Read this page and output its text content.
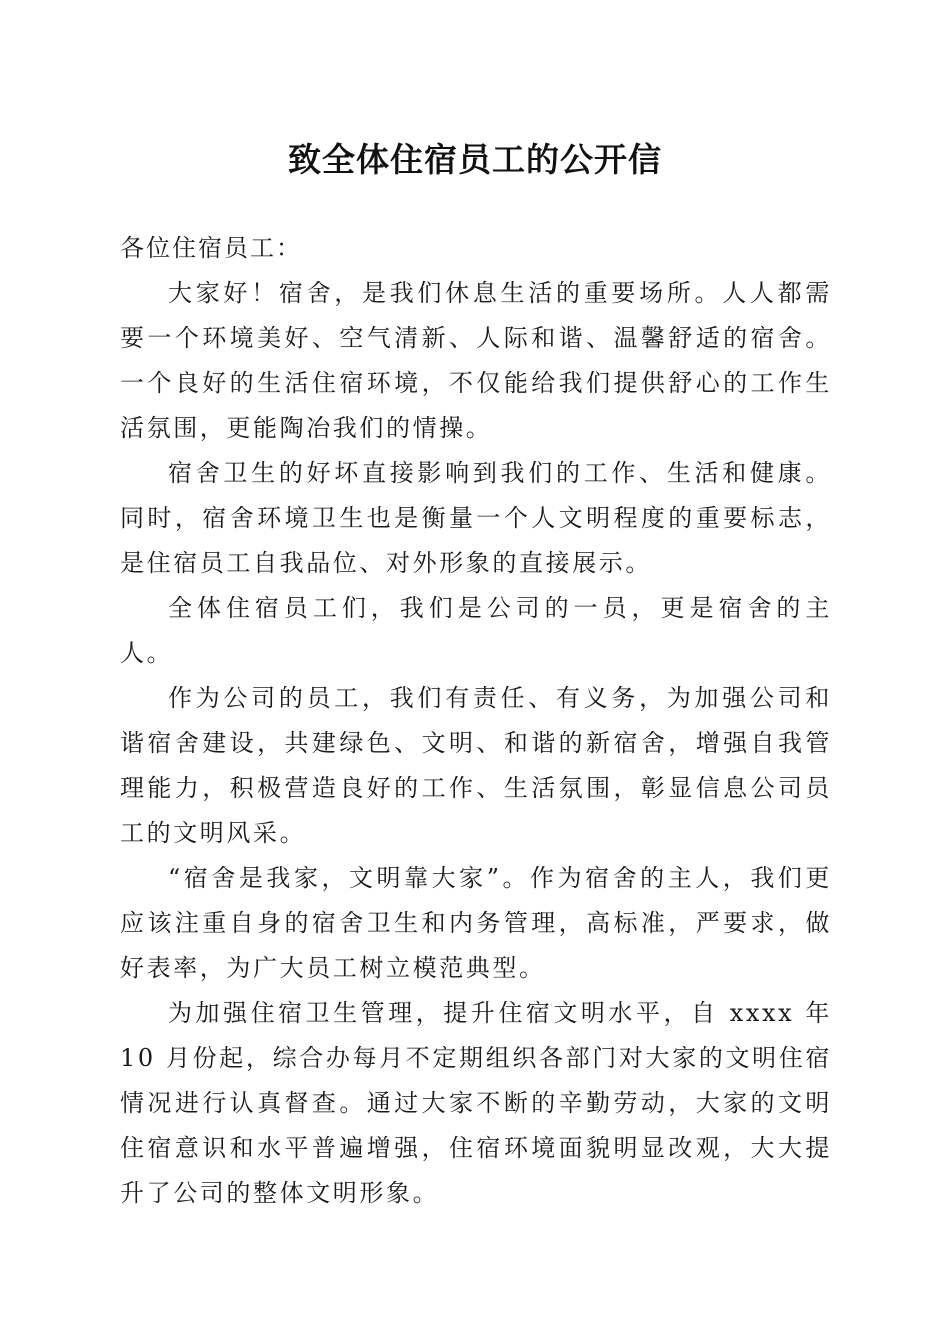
致全体住宿员工的公开信

各位住宿员工：

大家好！宿舍，是我们休息生活的重要场所。人人都需要一个环境美好、空气清新、人际和谐、温馨舒适的宿舍。一个良好的生活住宿环境，不仅能给我们提供舒心的工作生活氛围，更能陶冶我们的情操。

宿舍卫生的好坏直接影响到我们的工作、生活和健康。同时，宿舍环境卫生也是衡量一个人文明程度的重要标志，是住宿员工自我品位、对外形象的直接展示。

全体住宿员工们，我们是公司的一员，更是宿舍的主人。

作为公司的员工，我们有责任、有义务，为加强公司和谐宿舍建设，共建绿色、文明、和谐的新宿舍，增强自我管理能力，积极营造良好的工作、生活氛围，彰显信息公司员工的文明风采。

“宿舍是我家，文明靠大家”。作为宿舍的主人，我们更应该注重自身的宿舍卫生和内务管理，高标准，严要求，做好表率，为广大员工树立模范典型。

为加强住宿卫生管理，提升住宿文明水平，自 xxxx 年 10 月份起，综合办每月不定期组织各部门对大家的文明住宿情况进行认真督查。通过大家不断的辛勤劳动，大家的文明住宿意识和水平普遍增强，住宿环境面貌明显改观，大大提升了公司的整体文明形象。
